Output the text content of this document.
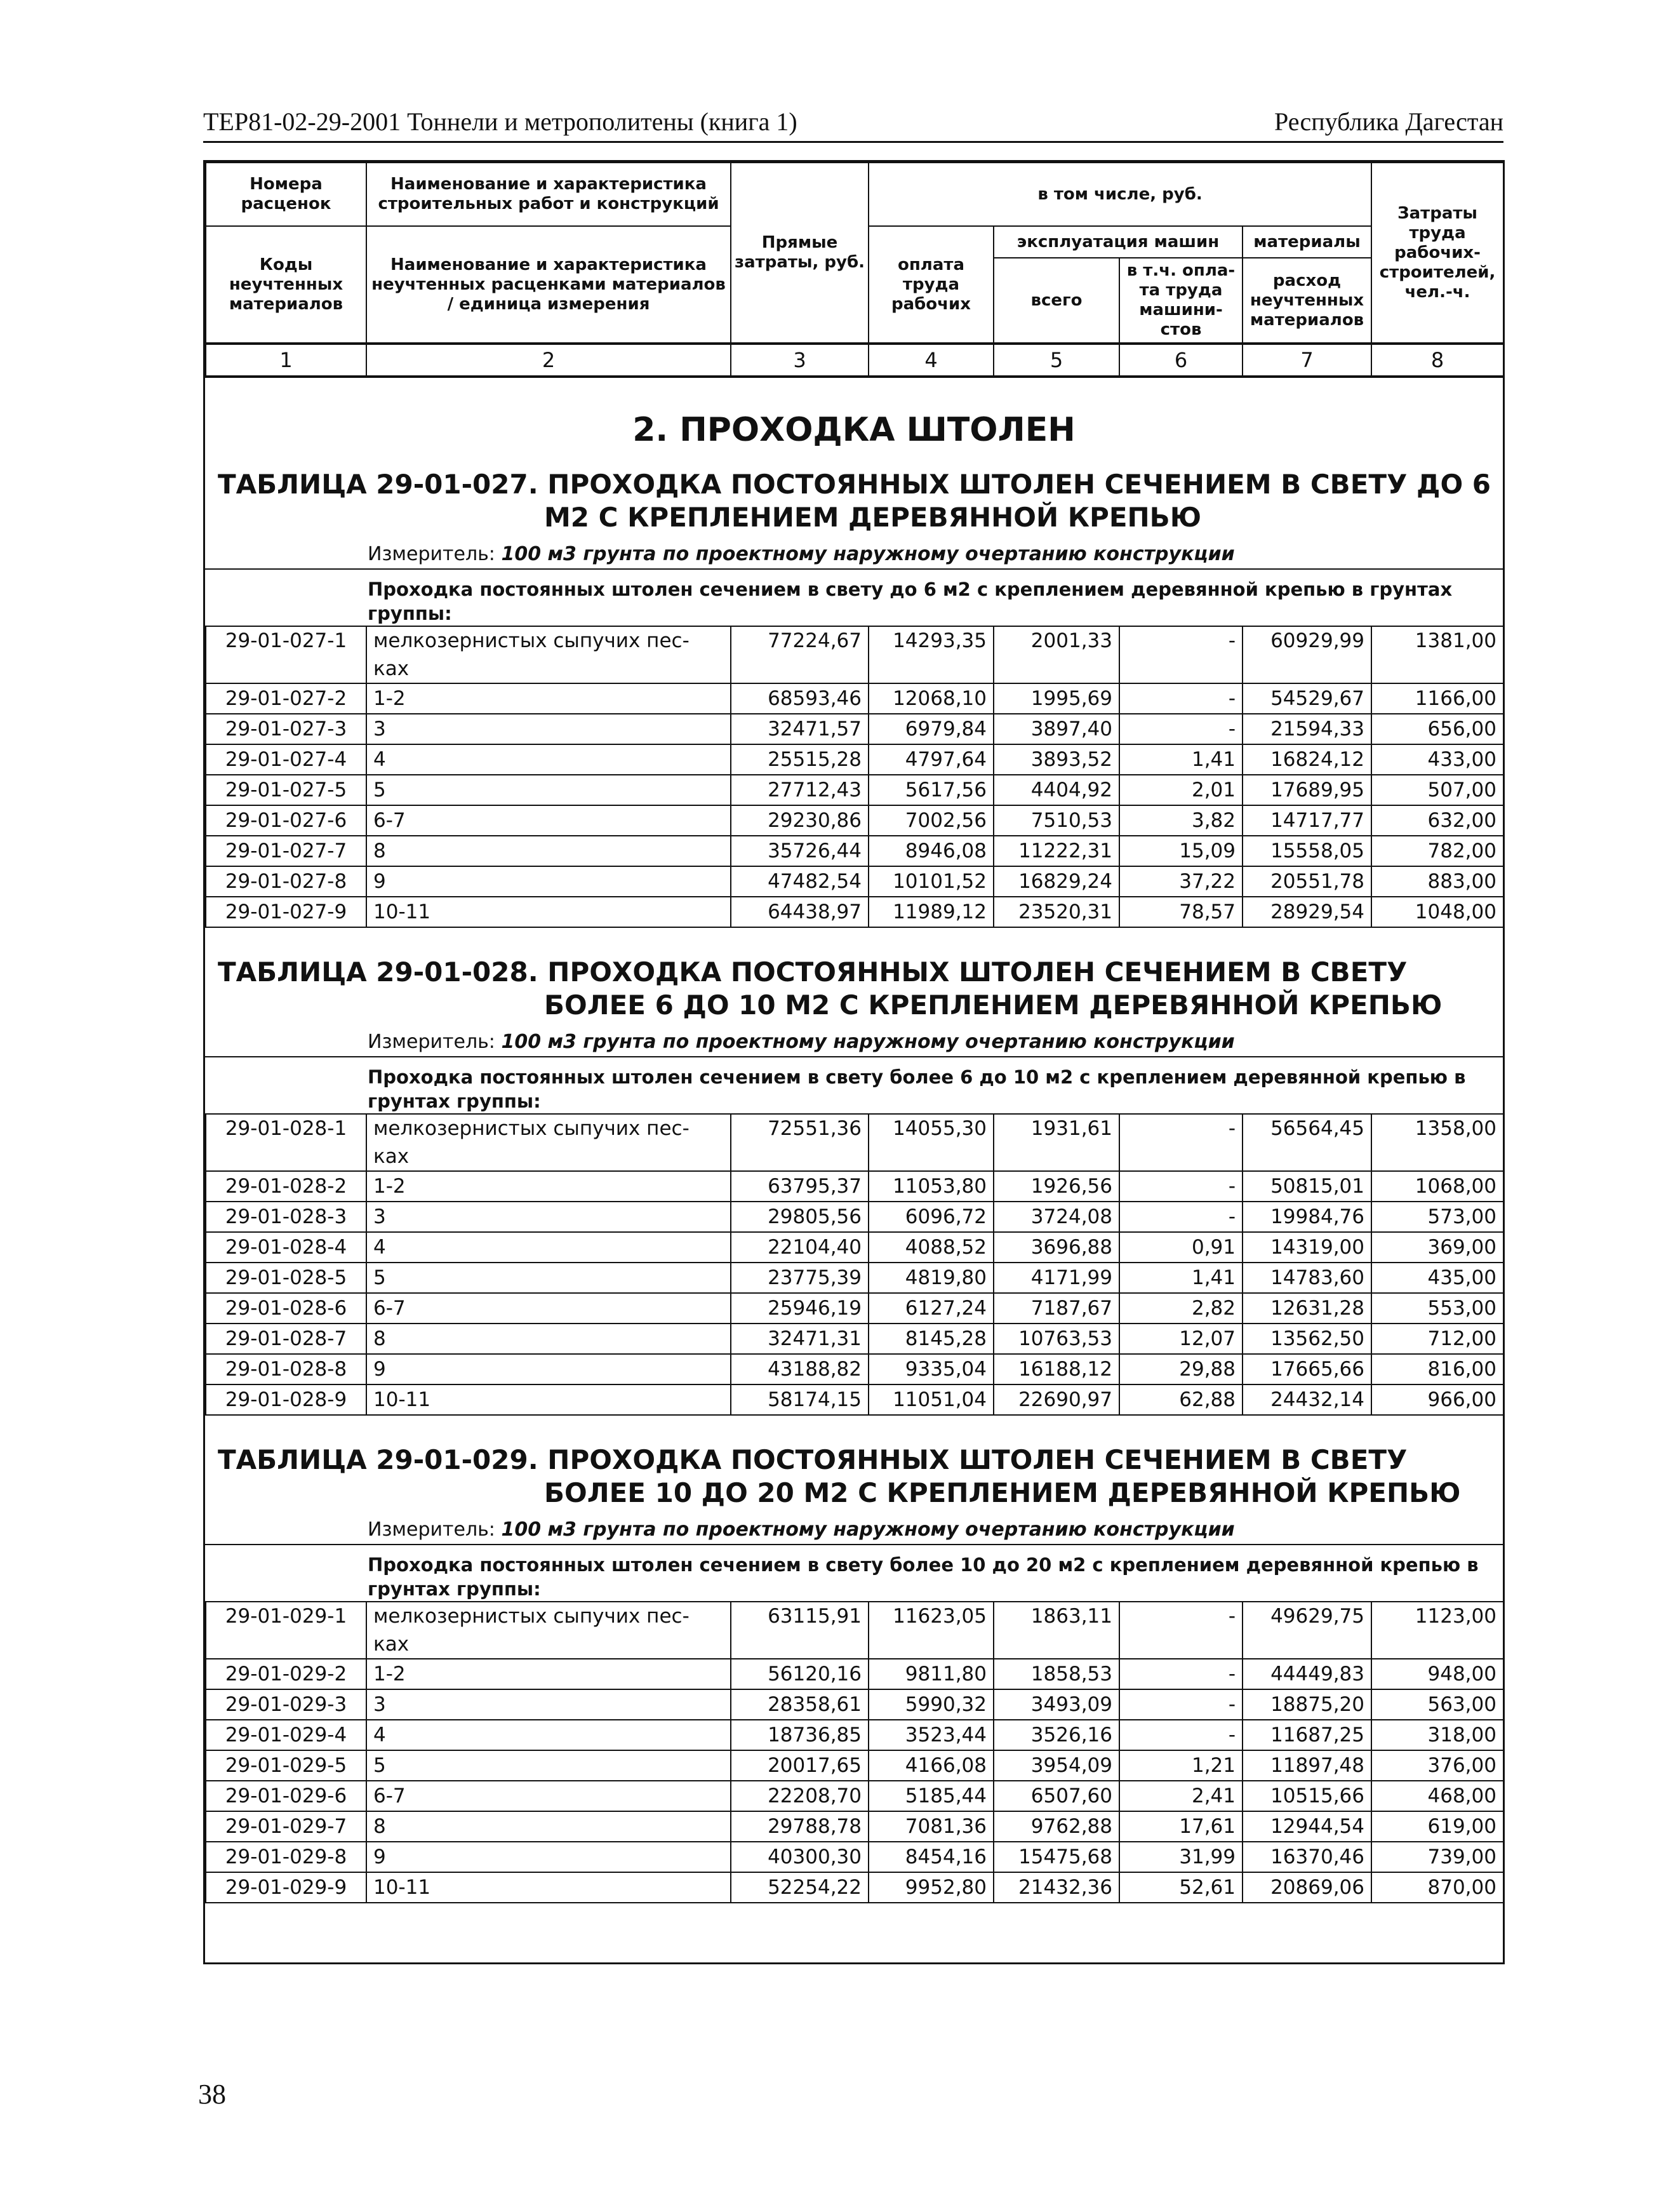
ТЕР81-02-29-2001 Тоннели и метрополитены (книга 1)	Республика Дагестан
Номера расценок	Наименование и характеристика строительных работ и конструкций	Прямые затраты, руб.	в том числе, руб.				Затраты труда рабочих-строителей, чел.-ч.
Коды неучтенных материалов	Наименование и характеристика неучтенных расценками материалов / единица измерения		оплата труда рабочих	эксплуатация машин		материалы	
				всего	в т.ч. опла-та труда машини-стов	расход неучтенных материалов	
1	2	3	4	5	6	7	8
2. ПРОХОДКА ШТОЛЕН
ТАБЛИЦА 29-01-027. ПРОХОДКА ПОСТОЯННЫХ ШТОЛЕН СЕЧЕНИЕМ В СВЕТУ ДО 6
М2 С КРЕПЛЕНИЕМ ДЕРЕВЯННОЙ КРЕПЬЮ
Измеритель: 100 м3 грунта по проектному наружному очертанию конструкции
Проходка постоянных штолен сечением в свету до 6 м2 с креплением деревянной крепью в грунтах группы:
29-01-027-1	мелкозернистых сыпучих пес-ках	77224,67	14293,35	2001,33	-	60929,99	1381,00
29-01-027-2	1-2	68593,46	12068,10	1995,69	-	54529,67	1166,00
29-01-027-3	3	32471,57	6979,84	3897,40	-	21594,33	656,00
29-01-027-4	4	25515,28	4797,64	3893,52	1,41	16824,12	433,00
29-01-027-5	5	27712,43	5617,56	4404,92	2,01	17689,95	507,00
29-01-027-6	6-7	29230,86	7002,56	7510,53	3,82	14717,77	632,00
29-01-027-7	8	35726,44	8946,08	11222,31	15,09	15558,05	782,00
29-01-027-8	9	47482,54	10101,52	16829,24	37,22	20551,78	883,00
29-01-027-9	10-11	64438,97	11989,12	23520,31	78,57	28929,54	1048,00
ТАБЛИЦА 29-01-028. ПРОХОДКА ПОСТОЯННЫХ ШТОЛЕН СЕЧЕНИЕМ В СВЕТУ
БОЛЕЕ 6 ДО 10 М2 С КРЕПЛЕНИЕМ ДЕРЕВЯННОЙ КРЕПЬЮ
Измеритель: 100 м3 грунта по проектному наружному очертанию конструкции
Проходка постоянных штолен сечением в свету более 6 до 10 м2 с креплением деревянной крепью в грунтах группы:
29-01-028-1	мелкозернистых сыпучих пес-ках	72551,36	14055,30	1931,61	-	56564,45	1358,00
29-01-028-2	1-2	63795,37	11053,80	1926,56	-	50815,01	1068,00
29-01-028-3	3	29805,56	6096,72	3724,08	-	19984,76	573,00
29-01-028-4	4	22104,40	4088,52	3696,88	0,91	14319,00	369,00
29-01-028-5	5	23775,39	4819,80	4171,99	1,41	14783,60	435,00
29-01-028-6	6-7	25946,19	6127,24	7187,67	2,82	12631,28	553,00
29-01-028-7	8	32471,31	8145,28	10763,53	12,07	13562,50	712,00
29-01-028-8	9	43188,82	9335,04	16188,12	29,88	17665,66	816,00
29-01-028-9	10-11	58174,15	11051,04	22690,97	62,88	24432,14	966,00
ТАБЛИЦА 29-01-029. ПРОХОДКА ПОСТОЯННЫХ ШТОЛЕН СЕЧЕНИЕМ В СВЕТУ
БОЛЕЕ 10 ДО 20 М2 С КРЕПЛЕНИЕМ ДЕРЕВЯННОЙ КРЕПЬЮ
Измеритель: 100 м3 грунта по проектному наружному очертанию конструкции
Проходка постоянных штолен сечением в свету более 10 до 20 м2 с креплением деревянной крепью в грунтах группы:
29-01-029-1	мелкозернистых сыпучих пес-ках	63115,91	11623,05	1863,11	-	49629,75	1123,00
29-01-029-2	1-2	56120,16	9811,80	1858,53	-	44449,83	948,00
29-01-029-3	3	28358,61	5990,32	3493,09	-	18875,20	563,00
29-01-029-4	4	18736,85	3523,44	3526,16	-	11687,25	318,00
29-01-029-5	5	20017,65	4166,08	3954,09	1,21	11897,48	376,00
29-01-029-6	6-7	22208,70	5185,44	6507,60	2,41	10515,66	468,00
29-01-029-7	8	29788,78	7081,36	9762,88	17,61	12944,54	619,00
29-01-029-8	9	40300,30	8454,16	15475,68	31,99	16370,46	739,00
29-01-029-9	10-11	52254,22	9952,80	21432,36	52,61	20869,06	870,00
38
